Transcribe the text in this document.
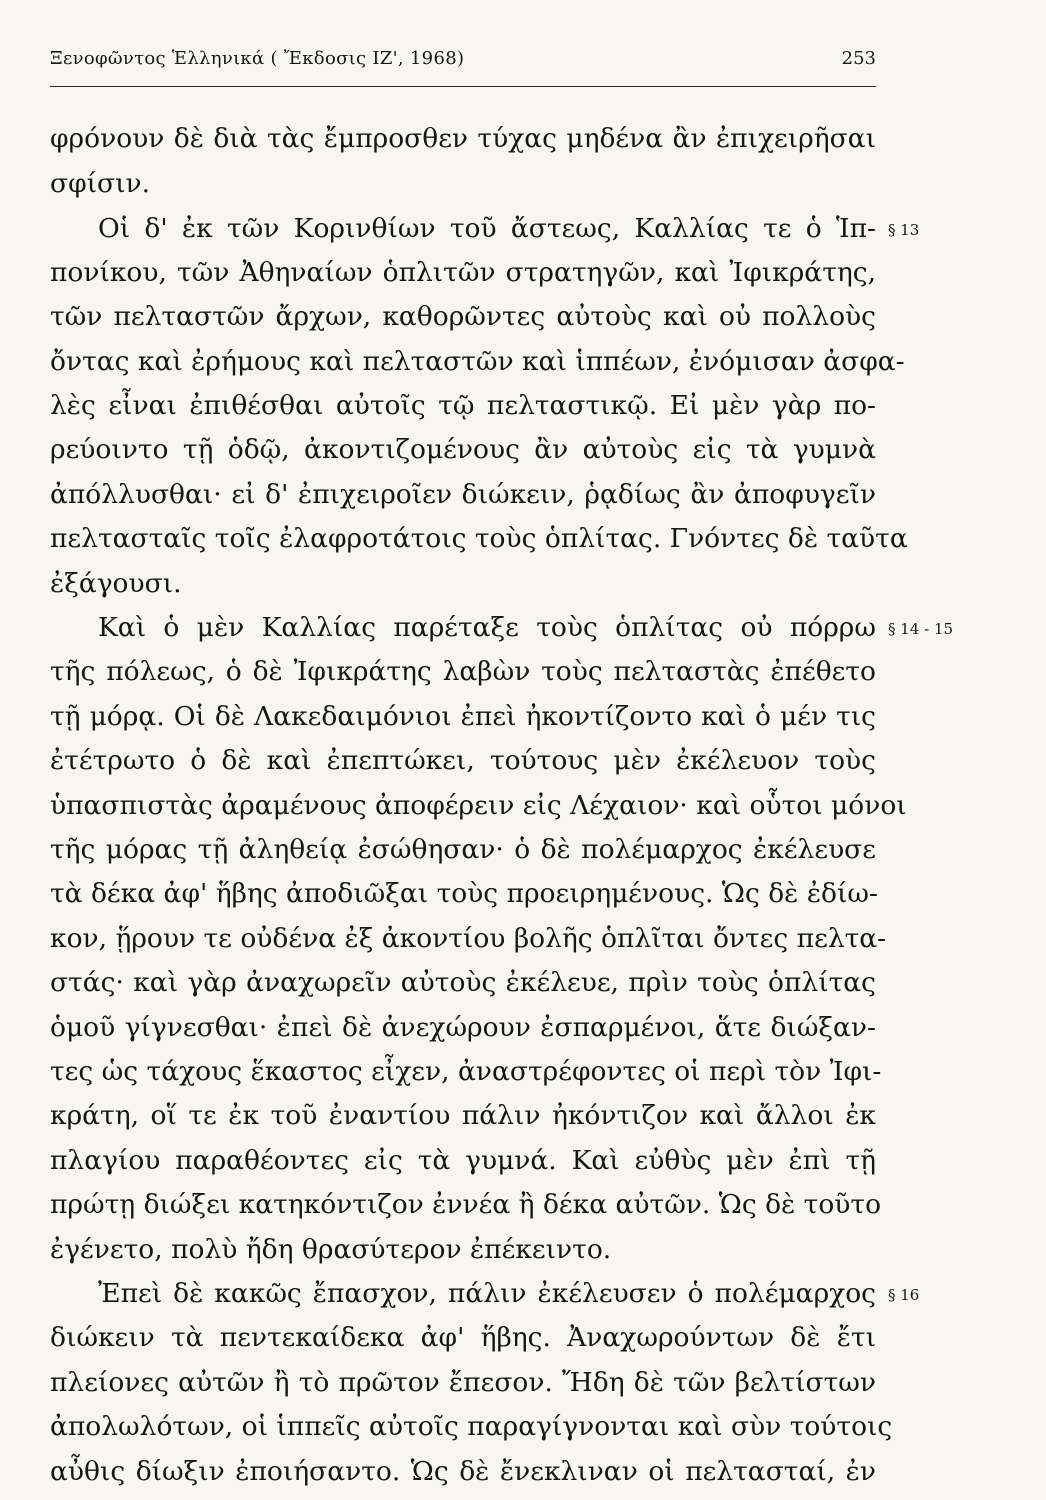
Ξενοφῶντος Ἑλληνικά ( Ἔκδοσις ΙΖ', 1968)	253
φρόνουν δὲ διὰ τὰς ἔμπροσθεν τύχας μηδένα ἂν ἐπιχειρῆσαι
σφίσιν.
Οἱ δ' ἐκ τῶν Κορινθίων τοῦ ἄστεως, Καλλίας τε ὁ Ἱπ-
πονίκου, τῶν Ἀθηναίων ὁπλιτῶν στρατηγῶν, καὶ Ἰφικράτης,
τῶν πελταστῶν ἄρχων, καθορῶντες αὐτοὺς καὶ οὐ πολλοὺς
ὄντας καὶ ἐρήμους καὶ πελταστῶν καὶ ἱππέων, ἐνόμισαν ἀσφα-
λὲς εἶναι ἐπιθέσθαι αὐτοῖς τῷ πελταστικῷ. Εἰ μὲν γὰρ πο-
ρεύοιντο τῇ ὁδῷ, ἀκοντιζομένους ἂν αὐτοὺς εἰς τὰ γυμνὰ
ἀπόλλυσθαι· εἰ δ' ἐπιχειροῖεν διώκειν, ῥᾳδίως ἂν ἀποφυγεῖν
πελτασταῖς τοῖς ἐλαφροτάτοις τοὺς ὁπλίτας. Γνόντες δὲ ταῦτα
ἐξάγουσι.
Καὶ ὁ μὲν Καλλίας παρέταξε τοὺς ὁπλίτας οὐ πόρρω
τῆς πόλεως, ὁ δὲ Ἰφικράτης λαβὼν τοὺς πελταστὰς ἐπέθετο
τῇ μόρᾳ. Οἱ δὲ Λακεδαιμόνιοι ἐπεὶ ἠκοντίζοντο καὶ ὁ μέν τις
ἐτέτρωτο ὁ δὲ καὶ ἐπεπτώκει, τούτους μὲν ἐκέλευον τοὺς
ὑπασπιστὰς ἀραμένους ἀποφέρειν εἰς Λέχαιον· καὶ οὗτοι μόνοι
τῆς μόρας τῇ ἀληθείᾳ ἐσώθησαν· ὁ δὲ πολέμαρχος ἐκέλευσε
τὰ δέκα ἀφ' ἥβης ἀποδιῶξαι τοὺς προειρημένους. Ὡς δὲ ἐδίω-
κον, ᾕρουν τε οὐδένα ἐξ ἀκοντίου βολῆς ὁπλῖται ὄντες πελτα-
στάς· καὶ γὰρ ἀναχωρεῖν αὐτοὺς ἐκέλευε, πρὶν τοὺς ὁπλίτας
ὁμοῦ γίγνεσθαι· ἐπεὶ δὲ ἀνεχώρουν ἐσπαρμένοι, ἅτε διώξαν-
τες ὡς τάχους ἕκαστος εἶχεν, ἀναστρέφοντες οἱ περὶ τὸν Ἰφι-
κράτη, οἵ τε ἐκ τοῦ ἐναντίου πάλιν ἠκόντιζον καὶ ἄλλοι ἐκ
πλαγίου παραθέοντες εἰς τὰ γυμνά. Καὶ εὐθὺς μὲν ἐπὶ τῇ
πρώτῃ διώξει κατηκόντιζον ἐννέα ἢ δέκα αὐτῶν. Ὡς δὲ τοῦτο
ἐγένετο, πολὺ ἤδη θρασύτερον ἐπέκειντο.
Ἐπεὶ δὲ κακῶς ἔπασχον, πάλιν ἐκέλευσεν ὁ πολέμαρχος
διώκειν τὰ πεντεκαίδεκα ἀφ' ἥβης. Ἀναχωρούντων δὲ ἔτι
πλείονες αὐτῶν ἢ τὸ πρῶτον ἔπεσον. Ἤδη δὲ τῶν βελτίστων
ἀπολωλότων, οἱ ἱππεῖς αὐτοῖς παραγίγνονται καὶ σὺν τούτοις
αὖθις δίωξιν ἐποιήσαντο. Ὡς δὲ ἔνεκλιναν οἱ πελτασταί, ἐν
§ 13
§ 14 - 15
§ 16
